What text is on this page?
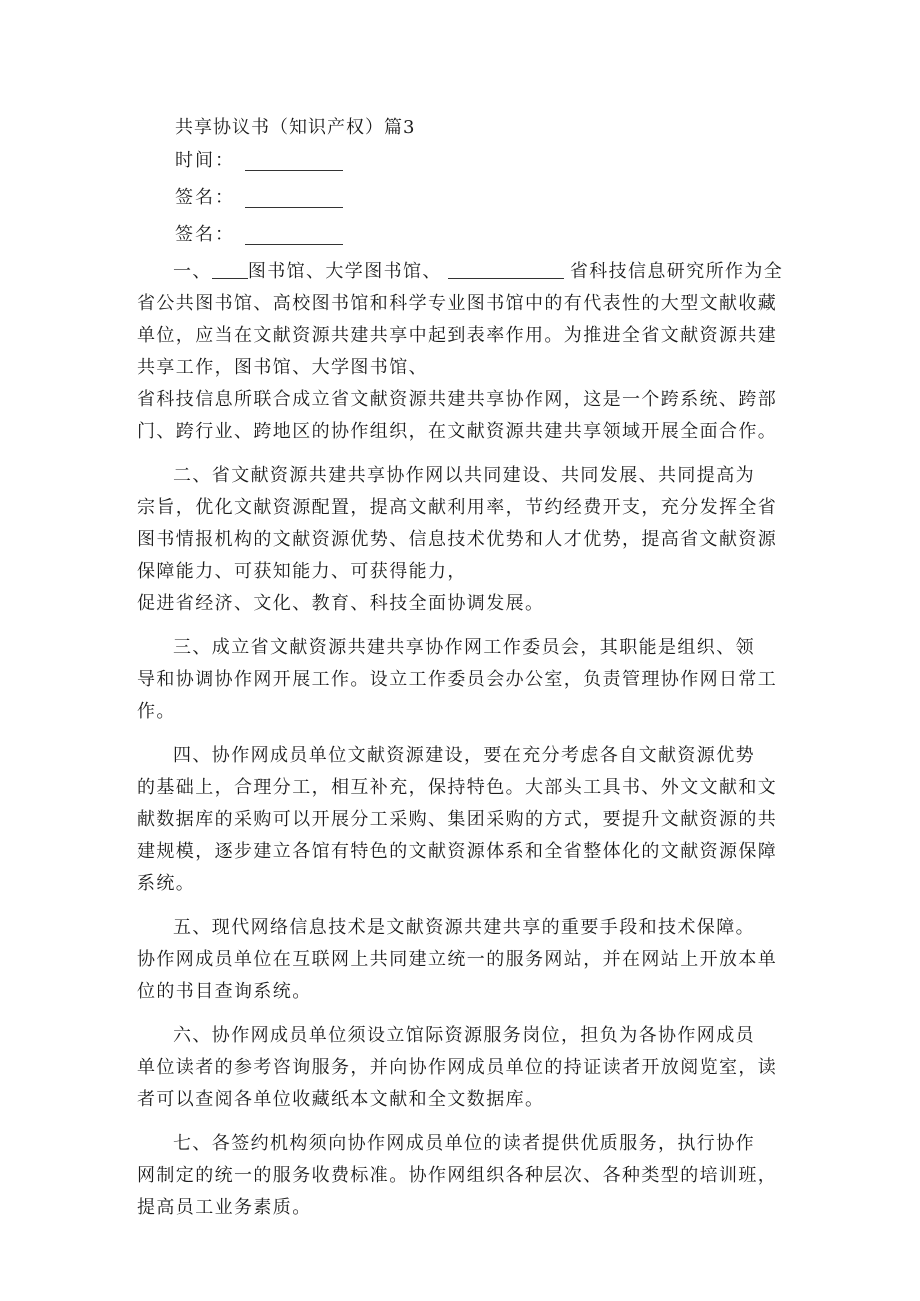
共享协议书（知识产权）篇3
时间：
签名：
签名：
一、 图书馆、大学图书馆、	省科技信息研究所作为全
省公共图书馆、高校图书馆和科学专业图书馆中的有代表性的大型文献收藏
单位，应当在文献资源共建共享中起到表率作用。为推进全省文献资源共建
共享工作，图书馆、大学图书馆、
省科技信息所联合成立省文献资源共建共享协作网，这是一个跨系统、跨部
门、跨行业、跨地区的协作组织，在文献资源共建共享领域开展全面合作。
二、省文献资源共建共享协作网以共同建设、共同发展、共同提高为
宗旨，优化文献资源配置，提高文献利用率，节约经费开支，充分发挥全省
图书情报机构的文献资源优势、信息技术优势和人才优势，提高省文献资源
保障能力、可获知能力、可获得能力，
促进省经济、文化、教育、科技全面协调发展。
三、成立省文献资源共建共享协作网工作委员会，其职能是组织、领
导和协调协作网开展工作。设立工作委员会办公室，负责管理协作网日常工
作。
四、协作网成员单位文献资源建设，要在充分考虑各自文献资源优势
的基础上，合理分工，相互补充，保持特色。大部头工具书、外文文献和文
献数据库的采购可以开展分工采购、集团采购的方式，要提升文献资源的共
建规模，逐步建立各馆有特色的文献资源体系和全省整体化的文献资源保障
系统。
五、现代网络信息技术是文献资源共建共享的重要手段和技术保障。
协作网成员单位在互联网上共同建立统一的服务网站，并在网站上开放本单
位的书目查询系统。
六、协作网成员单位须设立馆际资源服务岗位，担负为各协作网成员
单位读者的参考咨询服务，并向协作网成员单位的持证读者开放阅览室，读
者可以查阅各单位收藏纸本文献和全文数据库。
七、各签约机构须向协作网成员单位的读者提供优质服务，执行协作
网制定的统一的服务收费标准。协作网组织各种层次、各种类型的培训班，
提高员工业务素质。
